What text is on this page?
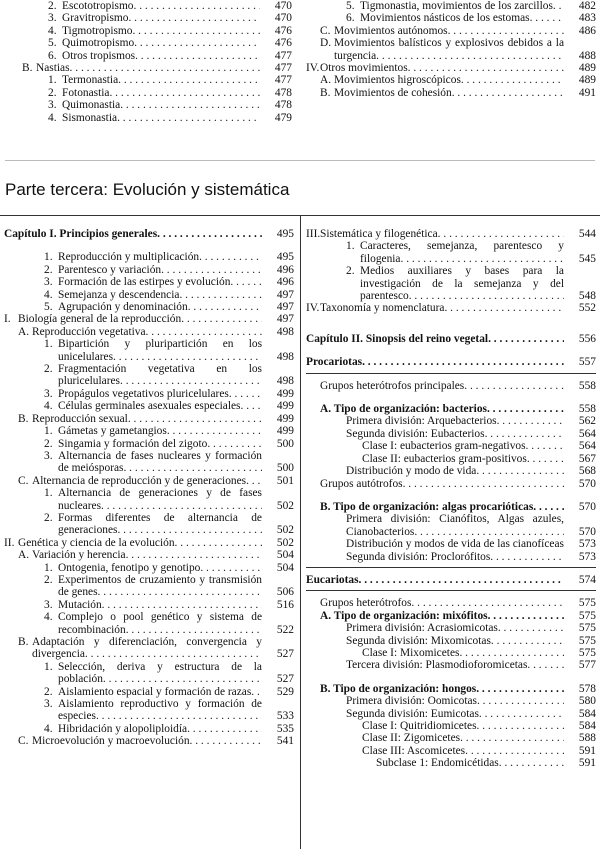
2. Escototropismo . . .	470
3. Gravitropismo . . .	470
4. Tigmotropismo . . .	476
5. Quimotropismo . . .	476
6. Otros tropismos . . .	477
B. Nastias . . .	477
1. Termonastia . . .	477
2. Fotonastia . . .	478
3. Quimonastia . . .	478
4. Sismonastia . . .	479
5. Tigmonastia, movimientos de los zarcillos . . .	482
6. Movimientos násticos de los estomas . . .	483
C. Movimientos autónomos . . .	486
D. Movimientos balísticos y explosivos debidos a la turgencia . . .	488
IV. Otros movimientos . . .	489
A. Movimientos higroscópicos . . .	489
B. Movimientos de cohesión . . .	491
Parte tercera: Evolución y sistemática
Capítulo I. Principios generales . . .	495
1. Reproducción y multiplicación . . .	495
2. Parentesco y variación . . .	496
3. Formación de las estirpes y evolución . . .	496
4. Semejanza y descendencia . . .	497
5. Agrupación y denominación . . .	497
I. Biología general de la reproducción . . .	497
A. Reproducción vegetativa . . .	498
1. Bipartición y pluripartición en los unicelulares . . .	498
2. Fragmentación vegetativa en los pluricelulares . . .	498
3. Propágulos vegetativos pluricelulares . . .	499
4. Células germinales asexuales especiales . . .	499
B. Reproducción sexual . . .	499
1. Gámetas y gametangios . . .	499
2. Singamia y formación del zigoto . . .	500
3. Alternancia de fases nucleares y formación de meiósporas . . .	500
C. Alternancia de reproducción y de generaciones . . .	501
1. Alternancia de generaciones y de fases nucleares . . .	502
2. Formas diferentes de alternancia de generaciones . . .	502
II. Genética y ciencia de la evolución . . .	502
A. Variación y herencia . . .	504
1. Ontogenia, fenotipo y genotipo . . .	504
2. Experimentos de cruzamiento y transmisión de genes . . .	506
3. Mutación . . .	516
4. Complejo o pool genético y sistema de recombinación . . .	522
B. Adaptación y diferenciación, convergencia y divergencia . . .	527
1. Selección, deriva y estructura de la población . . .	527
2. Aislamiento espacial y formación de razas . . .	529
3. Aislamiento reproductivo y formación de especies . . .	533
4. Hibridación y alopoliploidía . . .	535
C. Microevolución y macroevolución . . .	541
III. Sistemática y filogenética . . .	544
1. Caracteres, semejanza, parentesco y filogenia . . .	545
2. Medios auxiliares y bases para la investigación de la semejanza y del parentesco . . .	548
IV. Taxonomía y nomenclatura . . .	552
Capítulo II. Sinopsis del reino vegetal . . .	556
Procariotas . . .	557
Grupos heterótrofos principales . . .	558
A. Tipo de organización: bacterios . . .	558
Primera división: Arquebacterios . . .	562
Segunda división: Eubacterios . . .	564
Clase I: eubacterios gram-negativos . . .	564
Clase II: eubacterios gram-positivos . . .	567
Distribución y modo de vida . . .	568
Grupos autótrofos . . .	570
B. Tipo de organización: algas procarióticas . . .	570
Primera división: Cianófitos, Algas azules, Cianobacterios . . .	570
Distribución y modos de vida de las cianofíceas . . .	573
Segunda división: Proclorófitos . . .	573
Eucariotas . . .	574
Grupos heterótrofos . . .	575
A. Tipo de organización: mixófitos . . .	575
Primera división: Acrasiomicotas . . .	575
Segunda división: Mixomicotas . . .	575
Clase I: Mixomicetes . . .	575
Tercera división: Plasmodioforomicetas . . .	577
B. Tipo de organización: hongos . . .	578
Primera división: Oomicotas . . .	580
Segunda división: Eumicotas . . .	584
Clase I: Quitridiomicetes . . .	584
Clase II: Zigomicetes . . .	588
Clase III: Ascomicetes . . .	591
Subclase 1: Endomicétidas . . .	591
